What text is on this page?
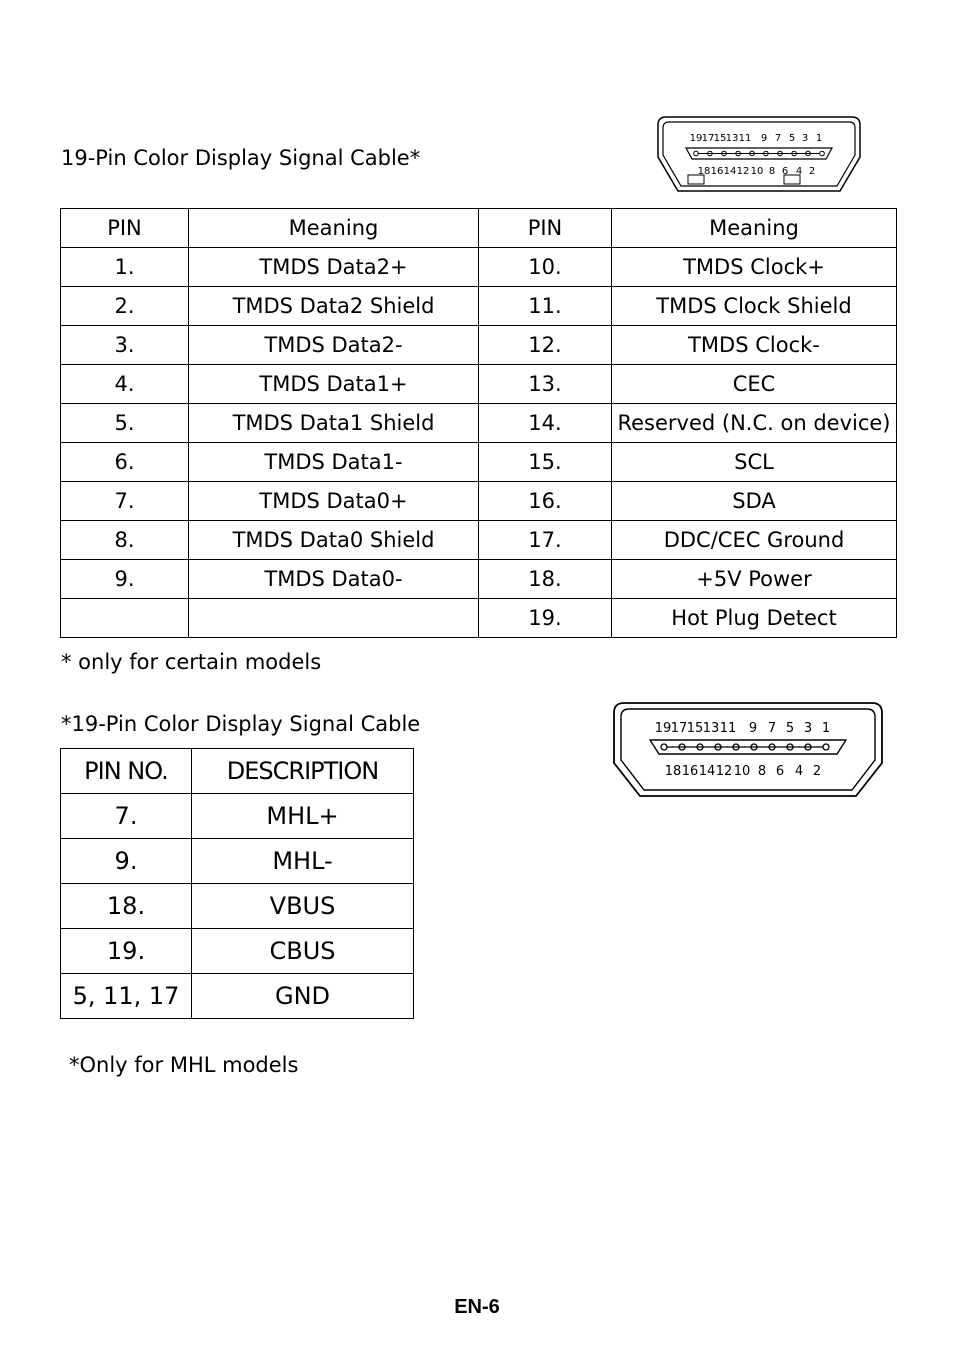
19-Pin Color Display Signal Cable*
19 17 15 13 11 9 7 5 3 1
18 16 14 12 10 8 6 4 2
PIN	Meaning	PIN	Meaning
1.	TMDS Data2+	10.	TMDS Clock+
2.	TMDS Data2 Shield	11.	TMDS Clock Shield
3.	TMDS Data2-	12.	TMDS Clock-
4.	TMDS Data1+	13.	CEC
5.	TMDS Data1 Shield	14.	Reserved (N.C. on device)
6.	TMDS Data1-	15.	SCL
7.	TMDS Data0+	16.	SDA
8.	TMDS Data0 Shield	17.	DDC/CEC Ground
9.	TMDS Data0-	18.	+5V Power
		19.	Hot Plug Detect
* only for certain models
*19-Pin Color Display Signal Cable	19 17 15 13 11 9 7 5 3 1
18 16 14 12 10 8 6 4 2
PIN NO.	DESCRIPTION
7.	MHL+
9.	MHL-
18.	VBUS
19.	CBUS
5, 11, 17	GND
*Only for MHL models
EN-6
